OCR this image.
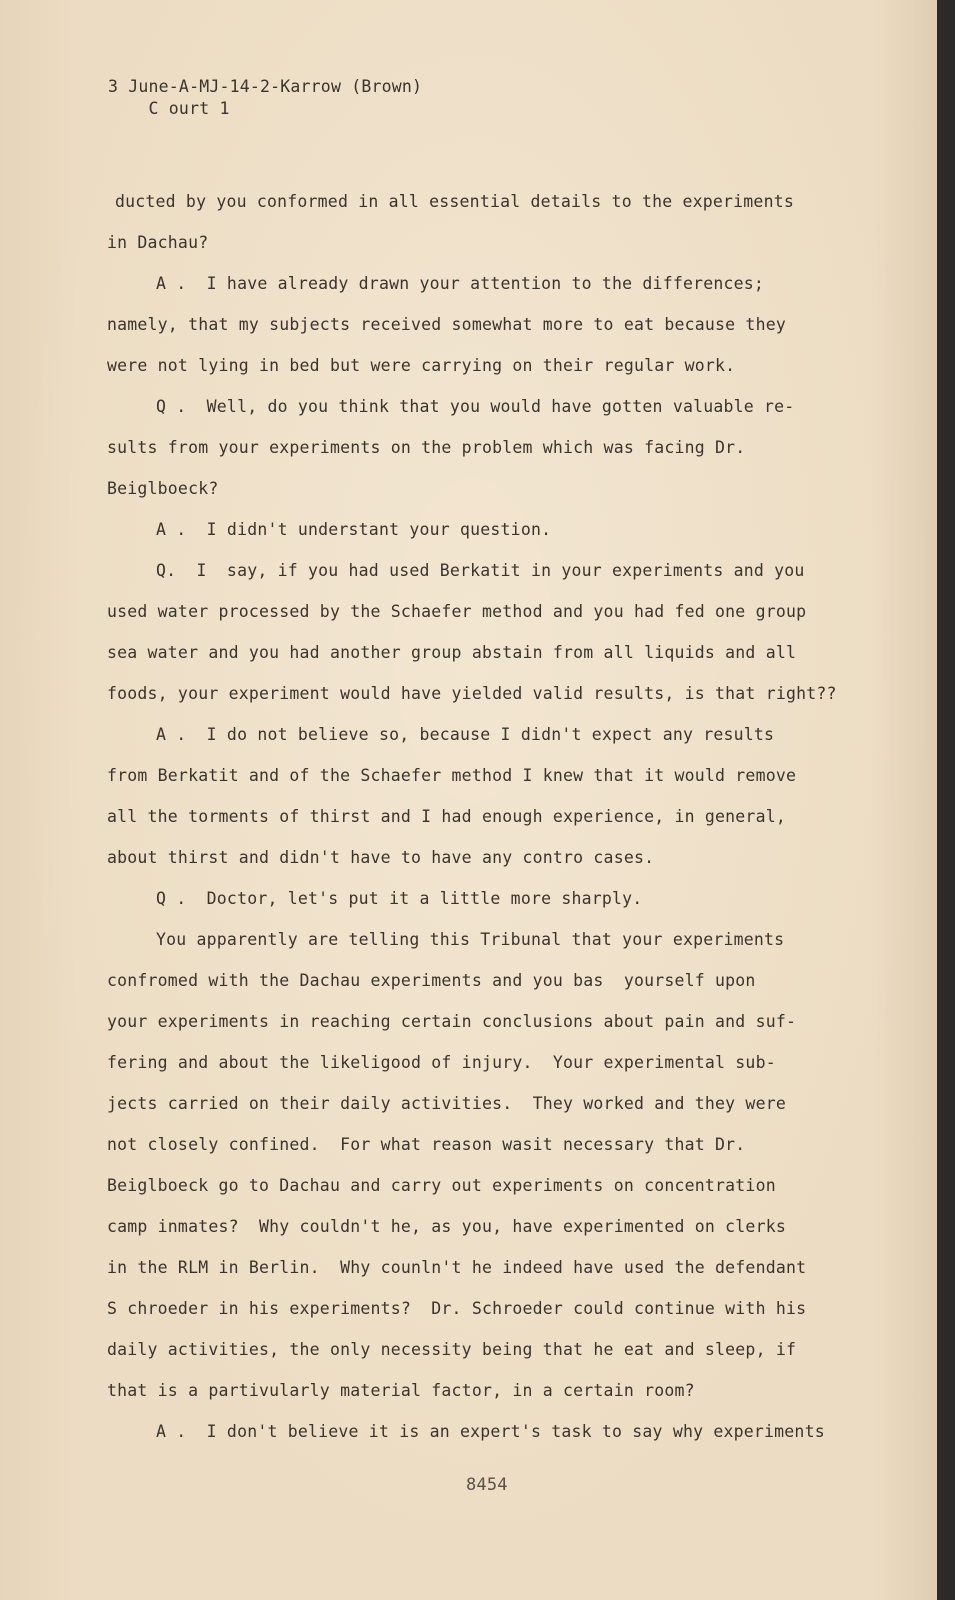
3 June-A-MJ-14-2-Karrow (Brown)
C ourt 1
ducted by you conformed in all essential details to the experiments
in Dachau?
A .  I have already drawn your attention to the differences;
namely, that my subjects received somewhat more to eat because they
were not lying in bed but were carrying on their regular work.
Q .  Well, do you think that you would have gotten valuable re-
sults from your experiments on the problem which was facing Dr.
Beiglboeck?
A .  I didn't understant your question.
Q.  I  say, if you had used Berkatit in your experiments and you
used water processed by the Schaefer method and you had fed one group
sea water and you had another group abstain from all liquids and all
foods, your experiment would have yielded valid results, is that right??
A .  I do not believe so, because I didn't expect any results
from Berkatit and of the Schaefer method I knew that it would remove
all the torments of thirst and I had enough experience, in general,
about thirst and didn't have to have any contro cases.
Q .  Doctor, let's put it a little more sharply.
You apparently are telling this Tribunal that your experiments
confromed with the Dachau experiments and you bas  yourself upon
your experiments in reaching certain conclusions about pain and suf-
fering and about the likeligood of injury.  Your experimental sub-
jects carried on their daily activities.  They worked and they were
not closely confined.  For what reason wasit necessary that Dr.
Beiglboeck go to Dachau and carry out experiments on concentration
camp inmates?  Why couldn't he, as you, have experimented on clerks
in the RLM in Berlin.  Why counln't he indeed have used the defendant
S chroeder in his experiments?  Dr. Schroeder could continue with his
daily activities, the only necessity being that he eat and sleep, if
that is a partivularly material factor, in a certain room?
A .  I don't believe it is an expert's task to say why experiments
8454
